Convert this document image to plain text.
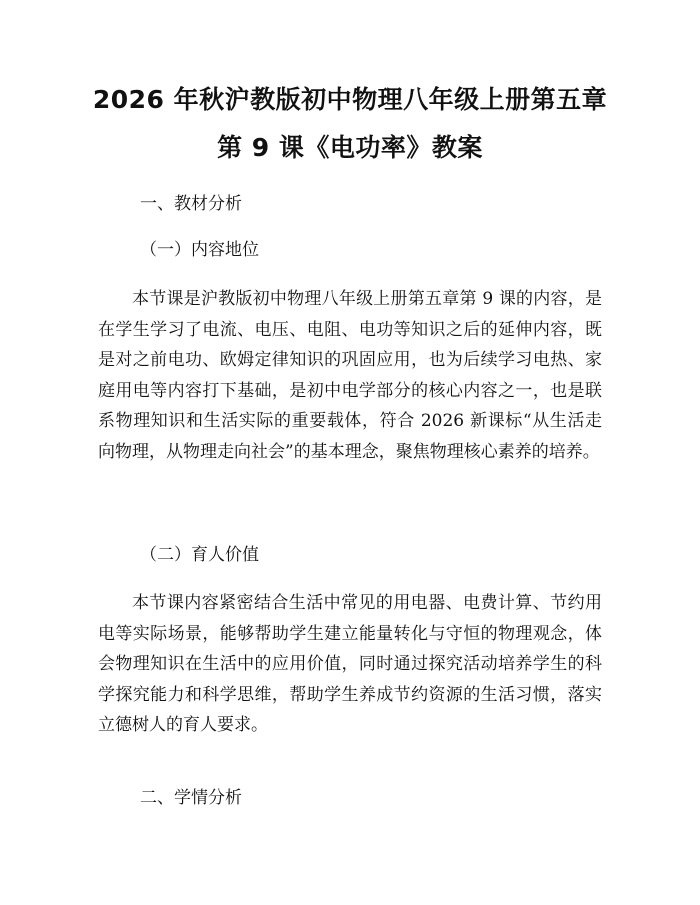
2026 年秋沪教版初中物理八年级上册第五章
第 9 课《电功率》教案
一、教材分析
（一）内容地位

本节课是沪教版初中物理八年级上册第五章第 9 课的内容，是在学生学习了电流、电压、电阻、电功等知识之后的延伸内容，既是对之前电功、欧姆定律知识的巩固应用，也为后续学习电热、家庭用电等内容打下基础，是初中电学部分的核心内容之一，也是联系物理知识和生活实际的重要载体，符合 2026 新课标“从生活走向物理，从物理走向社会”的基本理念，聚焦物理核心素养的培养。

（二）育人价值

本节课内容紧密结合生活中常见的用电器、电费计算、节约用电等实际场景，能够帮助学生建立能量转化与守恒的物理观念，体会物理知识在生活中的应用价值，同时通过探究活动培养学生的科学探究能力和科学思维，帮助学生养成节约资源的生活习惯，落实立德树人的育人要求。

二、学情分析
